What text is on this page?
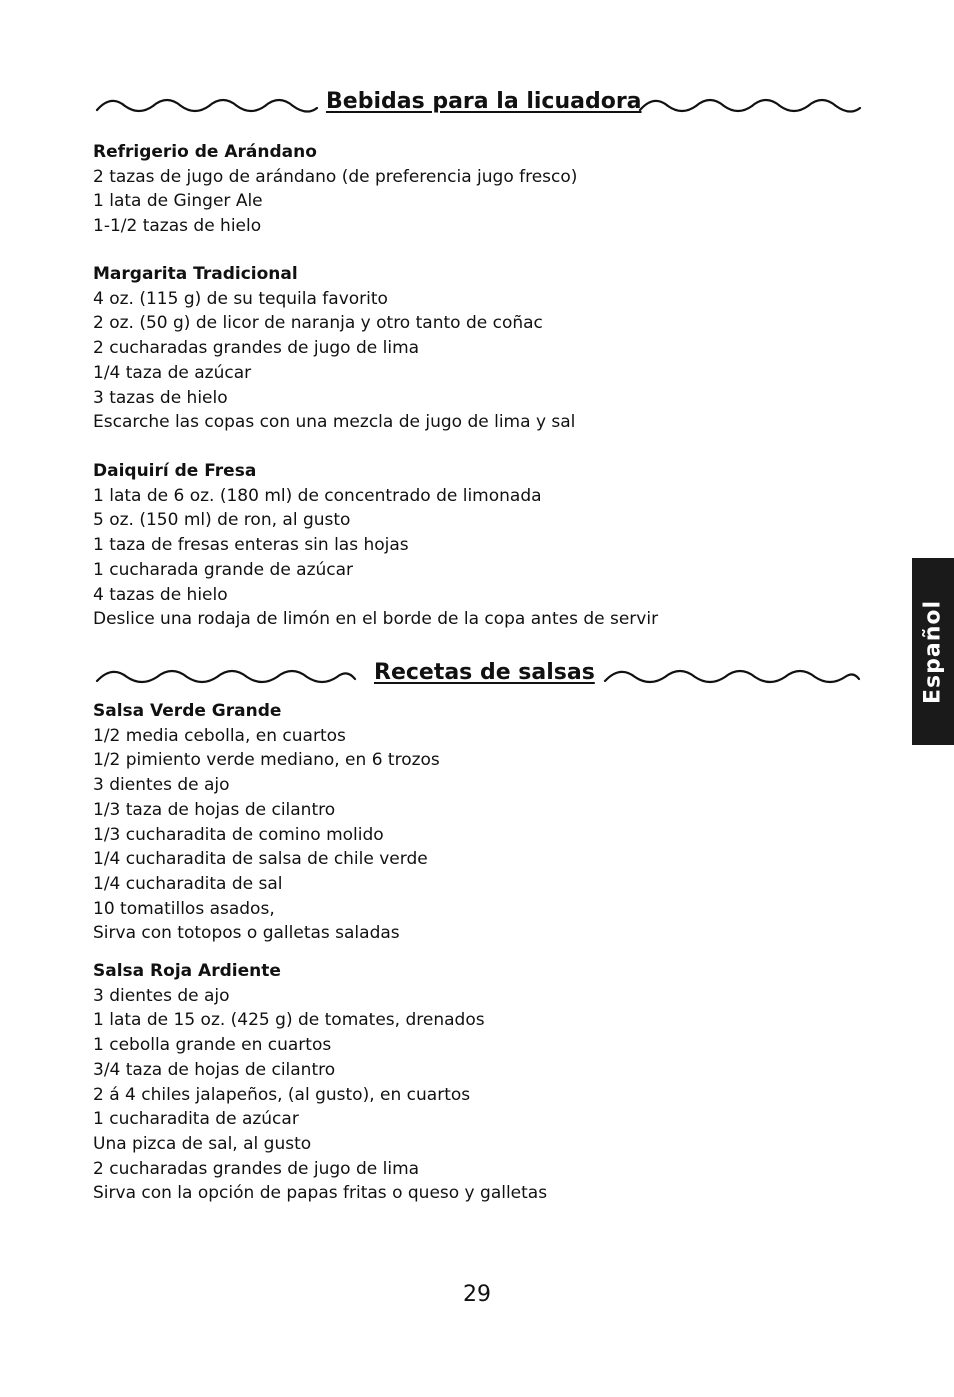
Bebidas para la licuadora
Refrigerio de Arándano
2 tazas de jugo de arándano (de preferencia jugo fresco)
1 lata de Ginger Ale
1-1/2 tazas de hielo
Margarita Tradicional
4 oz. (115 g) de su tequila favorito
2 oz. (50 g) de licor de naranja y otro tanto de coñac
2 cucharadas grandes de jugo de lima
1/4 taza de azúcar
3 tazas de hielo
Escarche las copas con una mezcla de jugo de lima y sal
Daiquirí de Fresa
1 lata de 6 oz. (180 ml) de concentrado de limonada
5 oz. (150 ml) de ron, al gusto
1 taza de fresas enteras sin las hojas
1 cucharada grande de azúcar
4 tazas de hielo
Deslice una rodaja de limón en el borde de la copa antes de servir
Recetas de salsas
Salsa Verde Grande
1/2 media cebolla, en cuartos
1/2 pimiento verde mediano, en 6 trozos
3 dientes de ajo
1/3 taza de hojas de cilantro
1/3 cucharadita de comino molido
1/4 cucharadita de salsa de chile verde
1/4 cucharadita de sal
10 tomatillos asados,
Sirva con totopos o galletas saladas
Salsa Roja Ardiente
3 dientes de ajo
1 lata de 15 oz. (425 g) de tomates, drenados
1 cebolla grande en cuartos
3/4 taza de hojas de cilantro
2 á 4 chiles jalapeños, (al gusto), en cuartos
1 cucharadita de azúcar
Una pizca de sal, al gusto
2 cucharadas grandes de jugo de lima
Sirva con la opción de papas fritas o queso y galletas
Español
29
